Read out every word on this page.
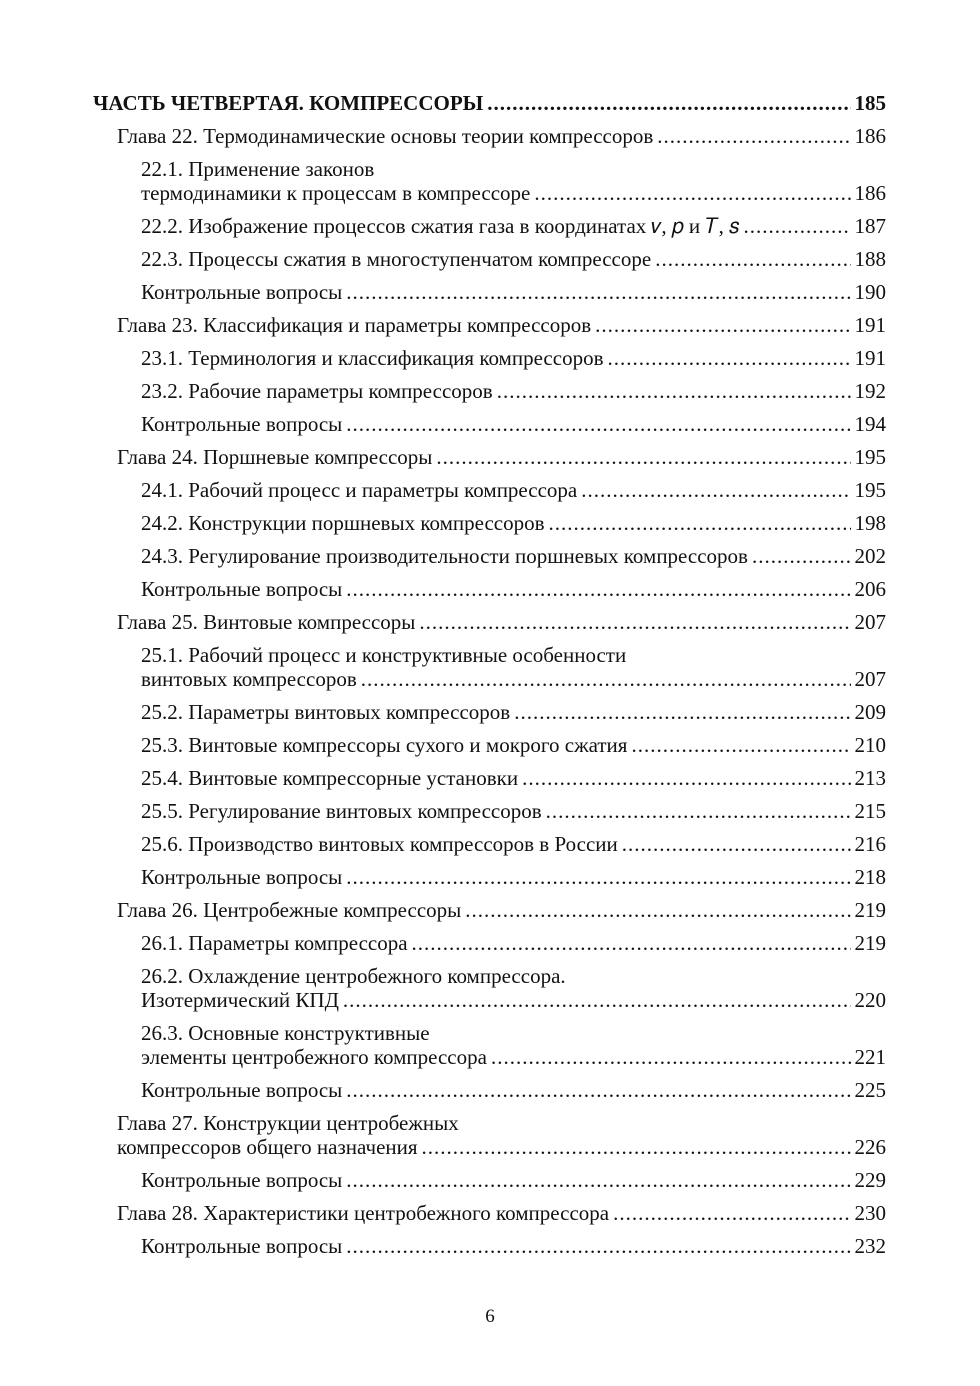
ЧАСТЬ ЧЕТВЕРТАЯ. КОМПРЕССОРЫ .....	185
Глава 22. Термодинамические основы теории компрессоров .....	186
22.1. Применение законов
термодинамики к процессам в компрессоре .....	186
22.2. Изображение процессов сжатия газа в координатах 𝑣, 𝑝 и 𝑇, 𝑠 .....	187
22.3. Процессы сжатия в многоступенчатом компрессоре .....	188
Контрольные вопросы .....	190
Глава 23. Классификация и параметры компрессоров .....	191
23.1. Терминология и классификация компрессоров .....	191
23.2. Рабочие параметры компрессоров .....	192
Контрольные вопросы .....	194
Глава 24. Поршневые компрессоры .....	195
24.1. Рабочий процесс и параметры компрессора .....	195
24.2. Конструкции поршневых компрессоров .....	198
24.3. Регулирование производительности поршневых компрессоров .....	202
Контрольные вопросы .....	206
Глава 25. Винтовые компрессоры .....	207
25.1. Рабочий процесс и конструктивные особенности
винтовых компрессоров .....	207
25.2. Параметры винтовых компрессоров .....	209
25.3. Винтовые компрессоры сухого и мокрого сжатия .....	210
25.4. Винтовые компрессорные установки .....	213
25.5. Регулирование винтовых компрессоров .....	215
25.6. Производство винтовых компрессоров в России .....	216
Контрольные вопросы .....	218
Глава 26. Центробежные компрессоры .....	219
26.1. Параметры компрессора .....	219
26.2. Охлаждение центробежного компрессора.
Изотермический КПД .....	220
26.3. Основные конструктивные
элементы центробежного компрессора .....	221
Контрольные вопросы .....	225
Глава 27. Конструкции центробежных
компрессоров общего назначения .....	226
Контрольные вопросы .....	229
Глава 28. Характеристики центробежного компрессора .....	230
Контрольные вопросы .....	232
6
